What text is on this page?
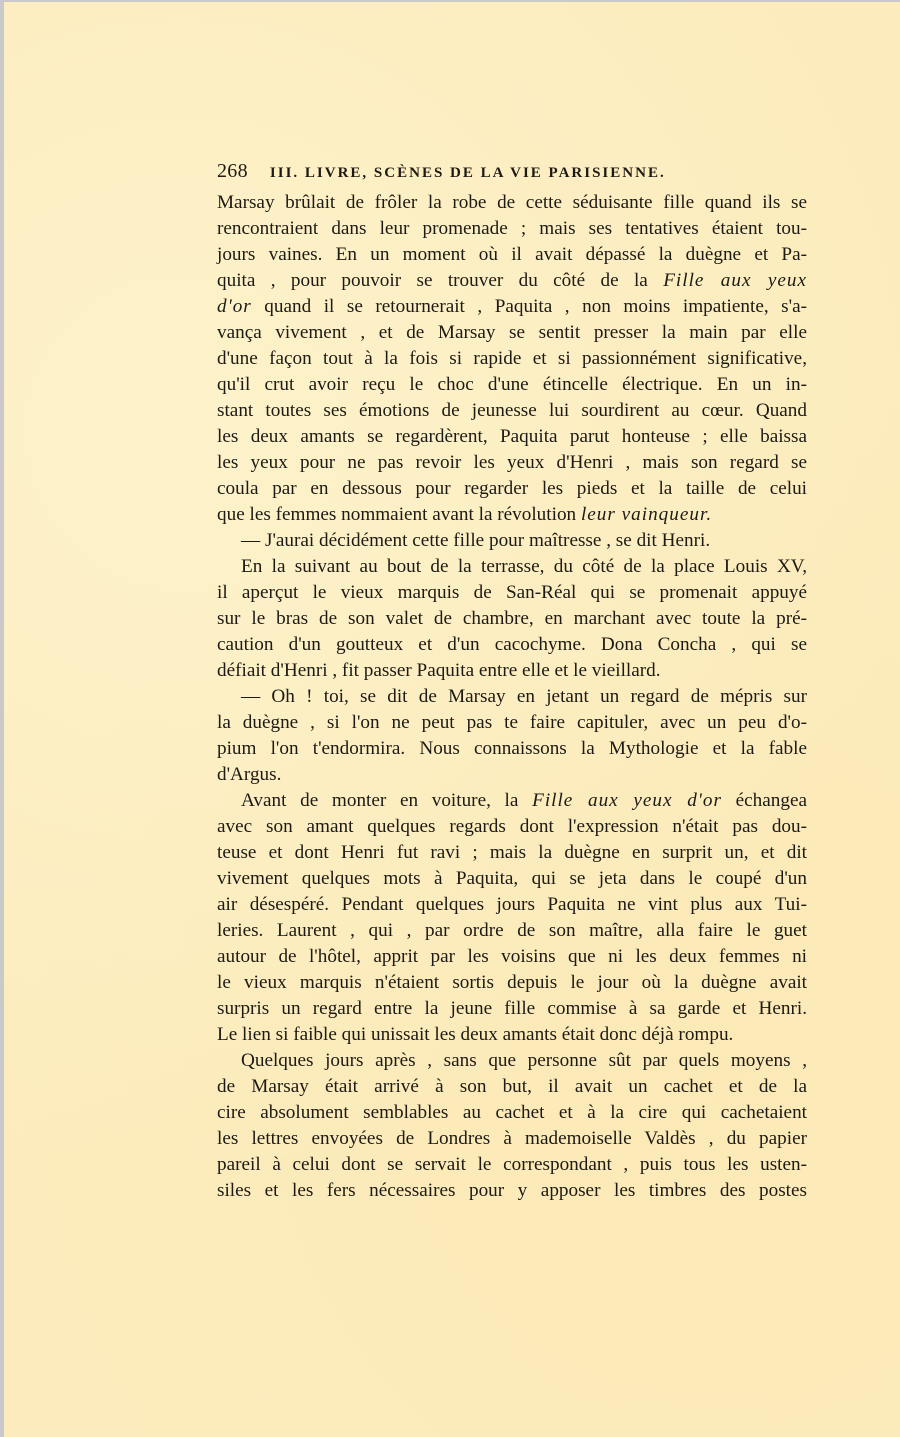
268 III. LIVRE, SCÈNES DE LA VIE PARISIENNE.
Marsay brûlait de frôler la robe de cette séduisante fille quand ils se
rencontraient dans leur promenade ; mais ses tentatives étaient tou-
jours vaines. En un moment où il avait dépassé la duègne et Pa-
quita , pour pouvoir se trouver du côté de la Fille aux yeux
d'or quand il se retournerait , Paquita , non moins impatiente, s'a-
vança vivement , et de Marsay se sentit presser la main par elle
d'une façon tout à la fois si rapide et si passionnément significative,
qu'il crut avoir reçu le choc d'une étincelle électrique. En un in-
stant toutes ses émotions de jeunesse lui sourdirent au cœur. Quand
les deux amants se regardèrent, Paquita parut honteuse ; elle baissa
les yeux pour ne pas revoir les yeux d'Henri , mais son regard se
coula par en dessous pour regarder les pieds et la taille de celui
que les femmes nommaient avant la révolution leur vainqueur.
— J'aurai décidément cette fille pour maîtresse , se dit Henri.
En la suivant au bout de la terrasse, du côté de la place Louis XV,
il aperçut le vieux marquis de San-Réal qui se promenait appuyé
sur le bras de son valet de chambre, en marchant avec toute la pré-
caution d'un goutteux et d'un cacochyme. Dona Concha , qui se
défiait d'Henri , fit passer Paquita entre elle et le vieillard.
— Oh ! toi, se dit de Marsay en jetant un regard de mépris sur
la duègne , si l'on ne peut pas te faire capituler, avec un peu d'o-
pium l'on t'endormira. Nous connaissons la Mythologie et la fable
d'Argus.
Avant de monter en voiture, la Fille aux yeux d'or échangea
avec son amant quelques regards dont l'expression n'était pas dou-
teuse et dont Henri fut ravi ; mais la duègne en surprit un, et dit
vivement quelques mots à Paquita, qui se jeta dans le coupé d'un
air désespéré. Pendant quelques jours Paquita ne vint plus aux Tui-
leries. Laurent , qui , par ordre de son maître, alla faire le guet
autour de l'hôtel, apprit par les voisins que ni les deux femmes ni
le vieux marquis n'étaient sortis depuis le jour où la duègne avait
surpris un regard entre la jeune fille commise à sa garde et Henri.
Le lien si faible qui unissait les deux amants était donc déjà rompu.
Quelques jours après , sans que personne sût par quels moyens ,
de Marsay était arrivé à son but, il avait un cachet et de la
cire absolument semblables au cachet et à la cire qui cachetaient
les lettres envoyées de Londres à mademoiselle Valdès , du papier
pareil à celui dont se servait le correspondant , puis tous les usten-
siles et les fers nécessaires pour y apposer les timbres des postes
